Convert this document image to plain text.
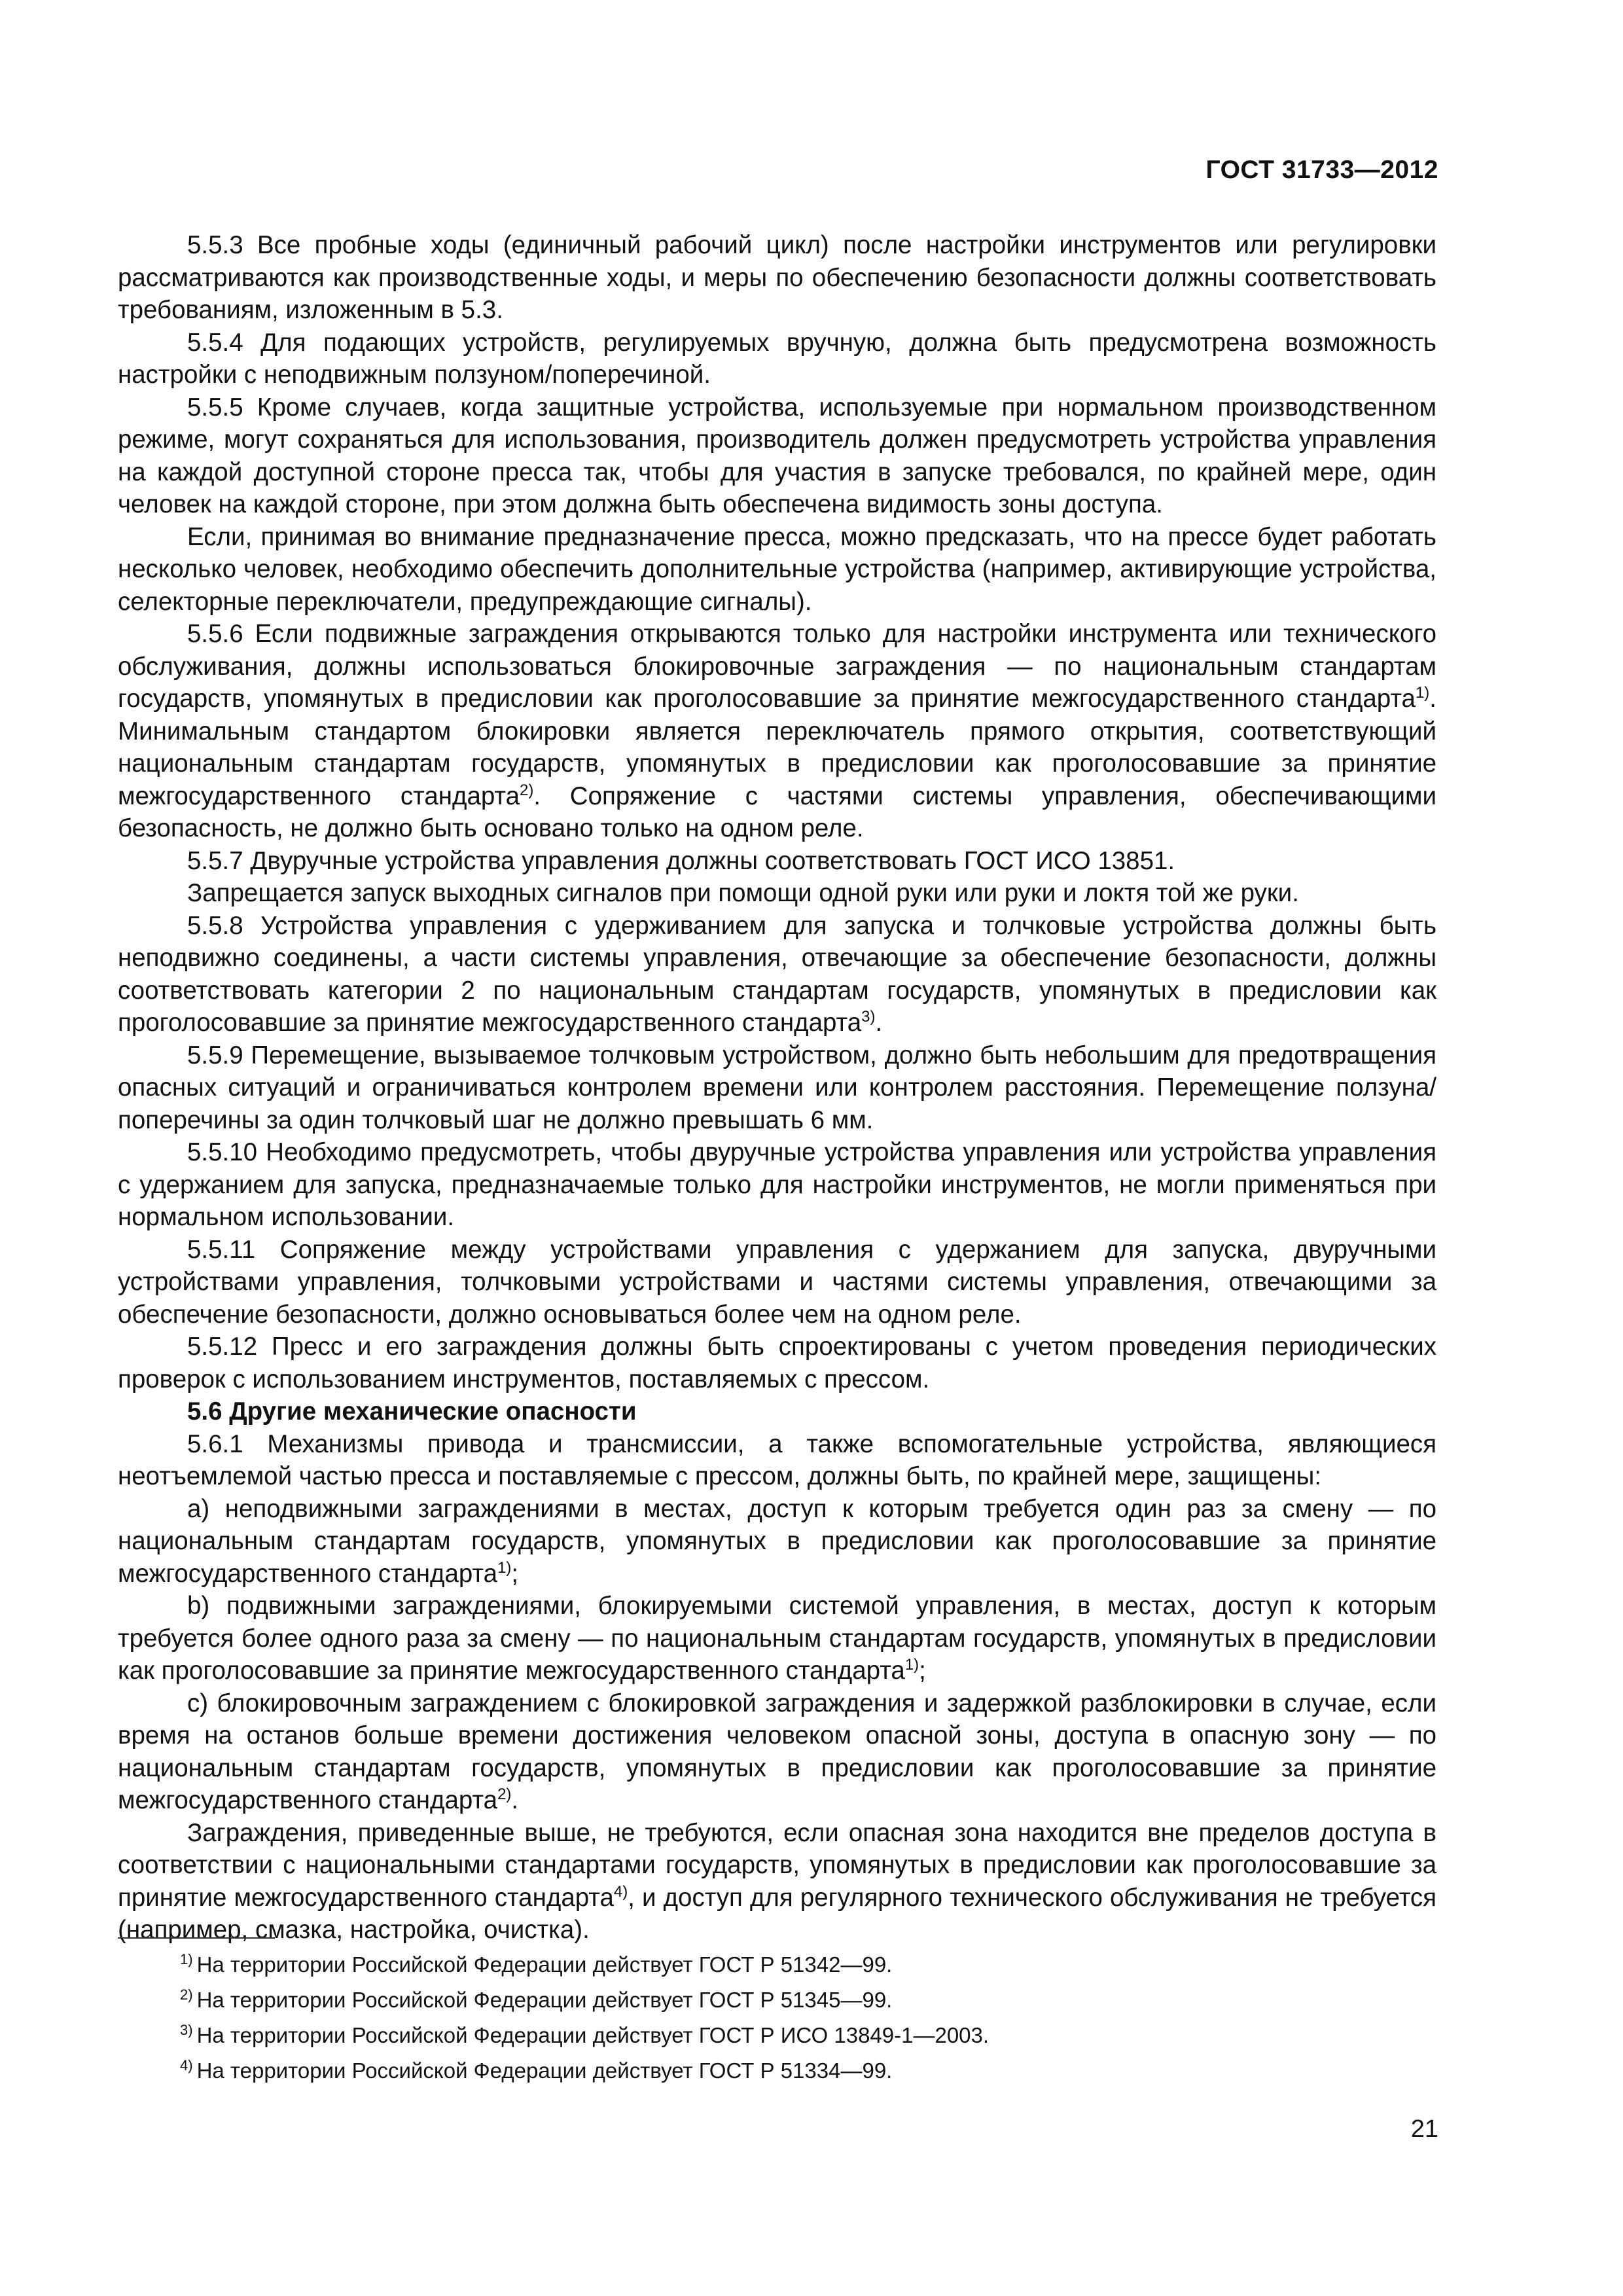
ГОСТ 31733—2012

5.5.3 Все пробные ходы (единичный рабочий цикл) после настройки инструментов или регулировки рассматриваются как производственные ходы, и меры по обеспечению безопасности должны соответствовать требованиям, изложенным в 5.3.

5.5.4 Для подающих устройств, регулируемых вручную, должна быть предусмотрена возможность настройки с неподвижным ползуном/поперечиной.

5.5.5 Кроме случаев, когда защитные устройства, используемые при нормальном производственном режиме, могут сохраняться для использования, производитель должен предусмотреть устройства управления на каждой доступной стороне пресса так, чтобы для участия в запуске требовался, по крайней мере, один человек на каждой стороне, при этом должна быть обеспечена видимость зоны доступа.

Если, принимая во внимание предназначение пресса, можно предсказать, что на прессе будет работать несколько человек, необходимо обеспечить дополнительные устройства (например, активирующие устройства, селекторные переключатели, предупреждающие сигналы).

5.5.6 Если подвижные заграждения открываются только для настройки инструмента или технического обслуживания, должны использоваться блокировочные заграждения — по национальным стандартам государств, упомянутых в предисловии как проголосовавшие за принятие межгосударственного стандарта$^{1)}$. Минимальным стандартом блокировки является переключатель прямого открытия, соответствующий национальным стандартам государств, упомянутых в предисловии как проголосовавшие за принятие межгосударственного стандарта$^{2)}$. Сопряжение с частями системы управления, обеспечивающими безопасность, не должно быть основано только на одном реле.

5.5.7 Двуручные устройства управления должны соответствовать ГОСТ ИСО 13851.

Запрещается запуск выходных сигналов при помощи одной руки или руки и локтя той же руки.

5.5.8 Устройства управления с удерживанием для запуска и толчковые устройства должны быть неподвижно соединены, а части системы управления, отвечающие за обеспечение безопасности, должны соответствовать категории 2 по национальным стандартам государств, упомянутых в предисловии как проголосовавшие за принятие межгосударственного стандарта$^{3)}$.

5.5.9 Перемещение, вызываемое толчковым устройством, должно быть небольшим для предотвращения опасных ситуаций и ограничиваться контролем времени или контролем расстояния. Перемещение ползуна/поперечины за один толчковый шаг не должно превышать 6 мм.

5.5.10 Необходимо предусмотреть, чтобы двуручные устройства управления или устройства управления с удержанием для запуска, предназначаемые только для настройки инструментов, не могли применяться при нормальном использовании.

5.5.11 Сопряжение между устройствами управления с удержанием для запуска, двуручными устройствами управления, толчковыми устройствами и частями системы управления, отвечающими за обеспечение безопасности, должно основываться более чем на одном реле.

5.5.12 Пресс и его заграждения должны быть спроектированы с учетом проведения периодических проверок с использованием инструментов, поставляемых с прессом.

5.6 Другие механические опасности

5.6.1 Механизмы привода и трансмиссии, а также вспомогательные устройства, являющиеся неотъемлемой частью пресса и поставляемые с прессом, должны быть, по крайней мере, защищены:

a) неподвижными заграждениями в местах, доступ к которым требуется один раз за смену — по национальным стандартам государств, упомянутых в предисловии как проголосовавшие за принятие межгосударственного стандарта$^{1)}$;

b) подвижными заграждениями, блокируемыми системой управления, в местах, доступ к которым требуется более одного раза за смену — по национальным стандартам государств, упомянутых в предисловии как проголосовавшие за принятие межгосударственного стандарта$^{1)}$;

c) блокировочным заграждением с блокировкой заграждения и задержкой разблокировки в случае, если время на останов больше времени достижения человеком опасной зоны, доступа в опасную зону — по национальным стандартам государств, упомянутых в предисловии как проголосовавшие за принятие межгосударственного стандарта$^{2)}$.

Заграждения, приведенные выше, не требуются, если опасная зона находится вне пределов доступа в соответствии с национальными стандартами государств, упомянутых в предисловии как проголосовавшие за принятие межгосударственного стандарта$^{4)}$, и доступ для регулярного технического обслуживания не требуется (например, смазка, настройка, очистка).

$^{1)}$ На территории Российской Федерации действует ГОСТ Р 51342—99.

$^{2)}$ На территории Российской Федерации действует ГОСТ Р 51345—99.

$^{3)}$ На территории Российской Федерации действует ГОСТ Р ИСО 13849-1—2003.

$^{4)}$ На территории Российской Федерации действует ГОСТ Р 51334—99.

21
